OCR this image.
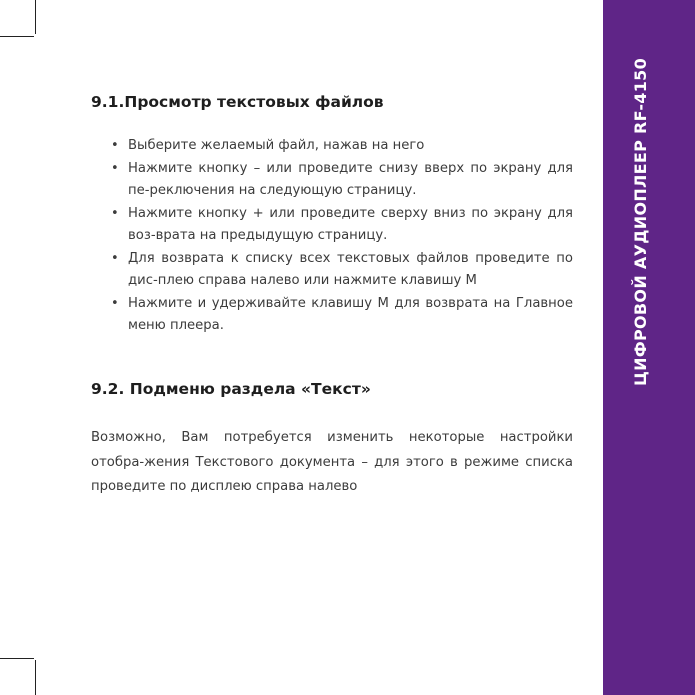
ЦИФРОВОЙ АУДИОПЛЕЕР RF-4150
9.1.Просмотр текстовых файлов
• Выберите желаемый файл, нажав на него
• Нажмите кнопку – или проведите снизу вверх по экрану для пе-реключения на следующую страницу.
• Нажмите кнопку + или проведите сверху вниз по экрану для воз-врата на предыдущую страницу.
• Для возврата к списку всех текстовых файлов проведите по дис-плею справа налево или нажмите клавишу М
• Нажмите и удерживайте клавишу М для возврата на Главное меню плеера.
9.2. Подменю раздела «Текст»

Возможно, Вам потребуется изменить некоторые настройки отобра-жения Текстового документа – для этого в режиме списка проведите по дисплею справа налево
